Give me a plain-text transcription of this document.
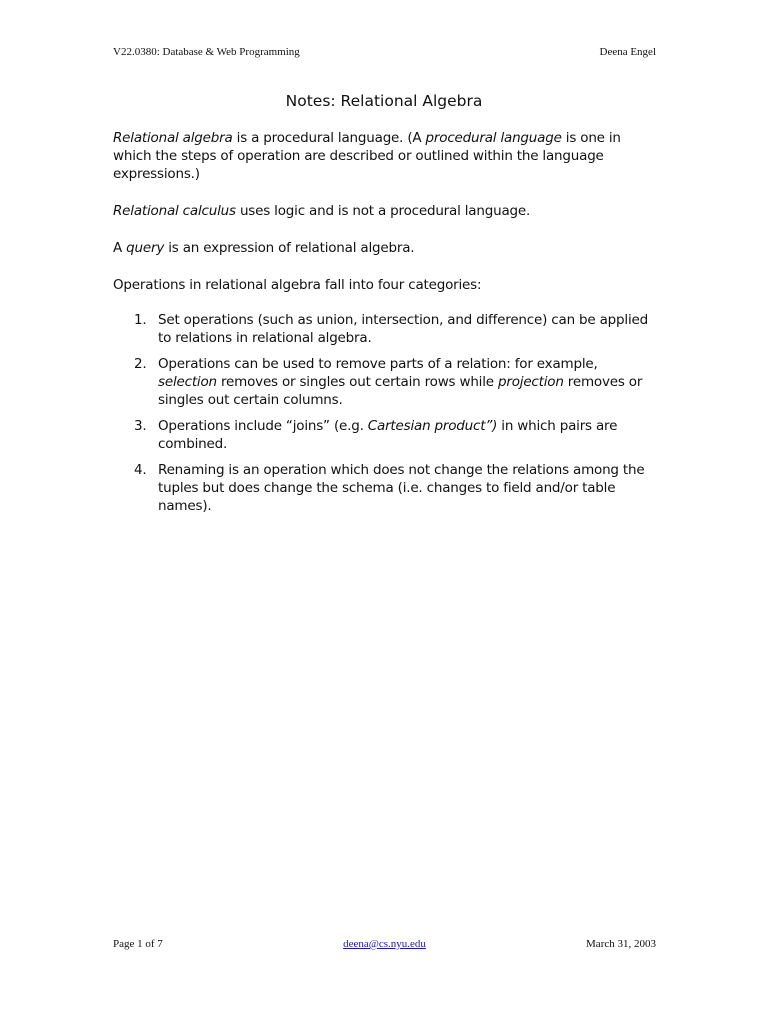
V22.0380: Database & Web Programming	Deena Engel
Notes: Relational Algebra

Relational algebra is a procedural language. (A procedural language is one in which the steps of operation are described or outlined within the language expressions.)

Relational calculus uses logic and is not a procedural language.

A query is an expression of relational algebra.

Operations in relational algebra fall into four categories:

1. Set operations (such as union, intersection, and difference) can be applied to relations in relational algebra.
2. Operations can be used to remove parts of a relation: for example, selection removes or singles out certain rows while projection removes or singles out certain columns.
3. Operations include “joins” (e.g. Cartesian product”) in which pairs are combined.
4. Renaming is an operation which does not change the relations among the tuples but does change the schema (i.e. changes to field and/or table names).
Page 1 of 7	deena@cs.nyu.edu	March 31, 2003
